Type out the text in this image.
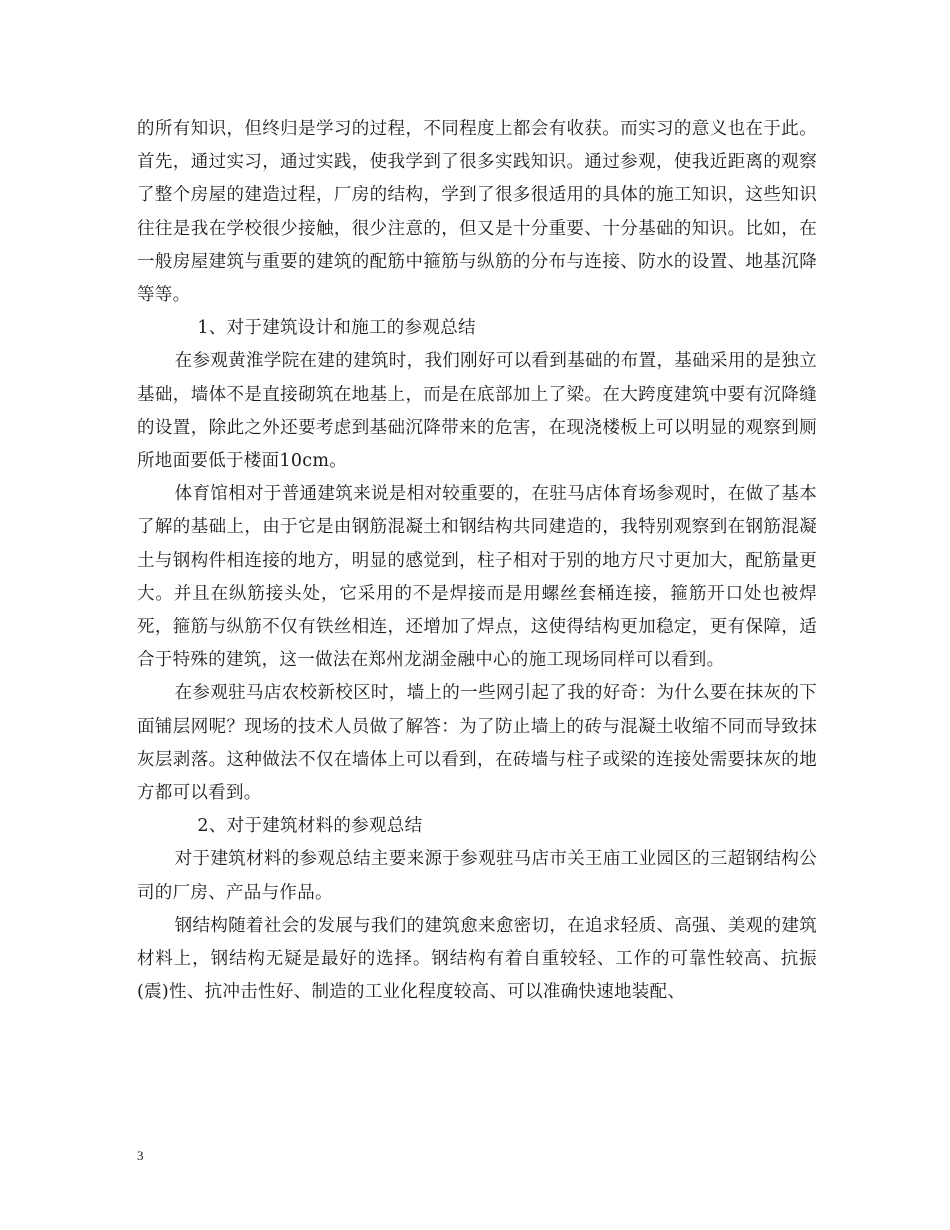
的所有知识，但终归是学习的过程，不同程度上都会有收获。而实习的意义也在于此。首先，通过实习，通过实践，使我学到了很多实践知识。通过参观，使我近距离的观察了整个房屋的建造过程，厂房的结构，学到了很多很适用的具体的施工知识，这些知识往往是我在学校很少接触，很少注意的，但又是十分重要、十分基础的知识。比如，在一般房屋建筑与重要的建筑的配筋中箍筋与纵筋的分布与连接、防水的设置、地基沉降等等。

1、对于建筑设计和施工的参观总结

在参观黄淮学院在建的建筑时，我们刚好可以看到基础的布置，基础采用的是独立基础，墙体不是直接砌筑在地基上，而是在底部加上了梁。在大跨度建筑中要有沉降缝的设置，除此之外还要考虑到基础沉降带来的危害，在现浇楼板上可以明显的观察到厕所地面要低于楼面10cm。

体育馆相对于普通建筑来说是相对较重要的，在驻马店体育场参观时，在做了基本了解的基础上，由于它是由钢筋混凝土和钢结构共同建造的，我特别观察到在钢筋混凝土与钢构件相连接的地方，明显的感觉到，柱子相对于别的地方尺寸更加大，配筋量更大。并且在纵筋接头处，它采用的不是焊接而是用螺丝套桶连接，箍筋开口处也被焊死，箍筋与纵筋不仅有铁丝相连，还增加了焊点，这使得结构更加稳定，更有保障，适合于特殊的建筑，这一做法在郑州龙湖金融中心的施工现场同样可以看到。

在参观驻马店农校新校区时，墙上的一些网引起了我的好奇：为什么要在抹灰的下面铺层网呢？现场的技术人员做了解答：为了防止墙上的砖与混凝土收缩不同而导致抹灰层剥落。这种做法不仅在墙体上可以看到，在砖墙与柱子或梁的连接处需要抹灰的地方都可以看到。

2、对于建筑材料的参观总结

对于建筑材料的参观总结主要来源于参观驻马店市关王庙工业园区的三超钢结构公司的厂房、产品与作品。

钢结构随着社会的发展与我们的建筑愈来愈密切，在追求轻质、高强、美观的建筑材料上，钢结构无疑是最好的选择。钢结构有着自重较轻、工作的可靠性较高、抗振(震)性、抗冲击性好、制造的工业化程度较高、可以准确快速地装配、

3
